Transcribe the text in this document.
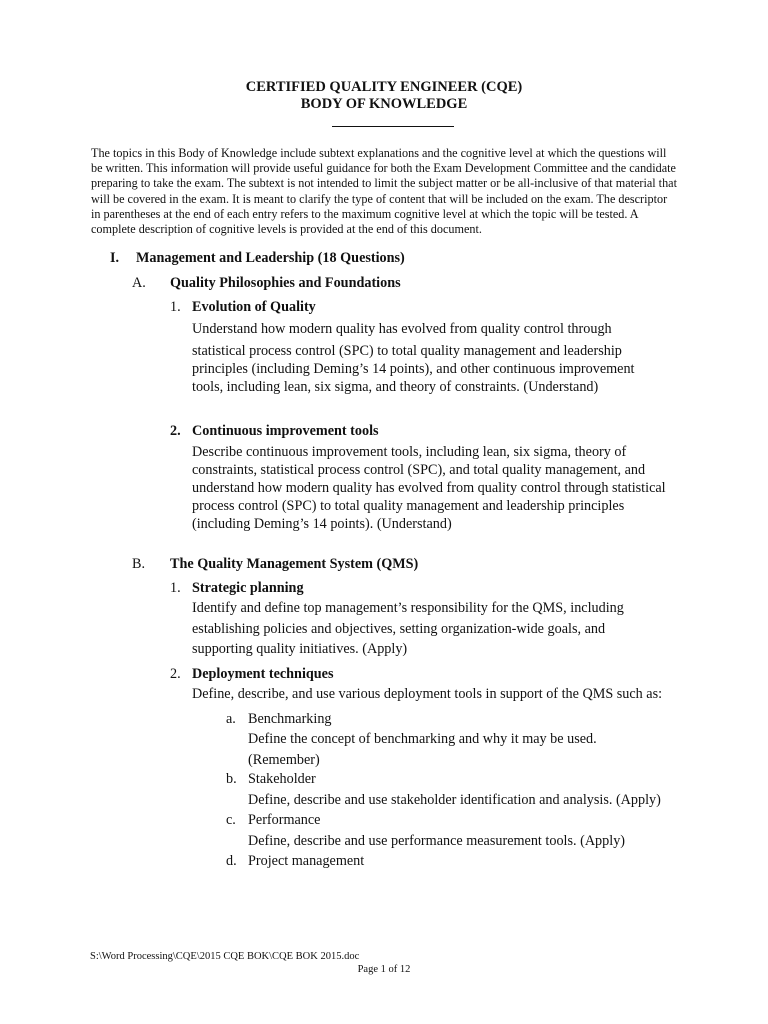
CERTIFIED QUALITY ENGINEER (CQE)
BODY OF KNOWLEDGE
The topics in this Body of Knowledge include subtext explanations and the cognitive level at which the questions will
be written. This information will provide useful guidance for both the Exam Development Committee and the candidate
preparing to take the exam. The subtext is not intended to limit the subject matter or be all-inclusive of that material that
will be covered in the exam. It is meant to clarify the type of content that will be included on the exam. The descriptor
in parentheses at the end of each entry refers to the maximum cognitive level at which the topic will be tested. A
complete description of cognitive levels is provided at the end of this document.
I. Management and Leadership (18 Questions)
A. Quality Philosophies and Foundations
1. Evolution of Quality
Understand how modern quality has evolved from quality control through
statistical process control (SPC) to total quality management and leadership
principles (including Deming’s 14 points), and other continuous improvement
tools, including lean, six sigma, and theory of constraints. (Understand)
2. Continuous improvement tools
Describe continuous improvement tools, including lean, six sigma, theory of
constraints, statistical process control (SPC), and total quality management, and
understand how modern quality has evolved from quality control through statistical
process control (SPC) to total quality management and leadership principles
(including Deming’s 14 points). (Understand)
B. The Quality Management System (QMS)
1. Strategic planning
Identify and define top management’s responsibility for the QMS, including
establishing policies and objectives, setting organization-wide goals, and
supporting quality initiatives. (Apply)
2. Deployment techniques
Define, describe, and use various deployment tools in support of the QMS such as:
a. Benchmarking
Define the concept of benchmarking and why it may be used.
(Remember)
b. Stakeholder
Define, describe and use stakeholder identification and analysis. (Apply)
c. Performance
Define, describe and use performance measurement tools. (Apply)
d. Project management
S:\Word Processing\CQE\2015 CQE BOK\CQE BOK 2015.doc
Page 1 of 12
